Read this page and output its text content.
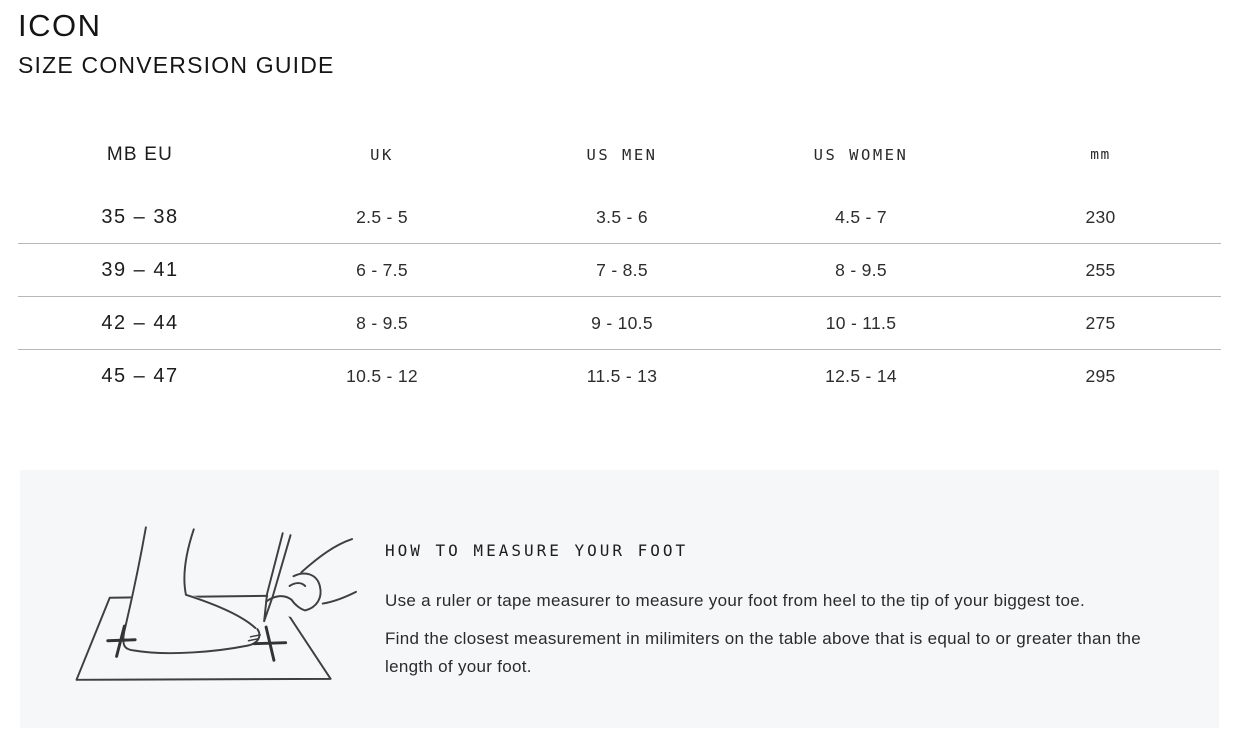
ICON
SIZE CONVERSION GUIDE
MB EU	UK	US MEN	US WOMEN	mm
35 – 38	2.5 - 5	3.5 - 6	4.5 - 7	230
39 – 41	6 - 7.5	7 - 8.5	8 - 9.5	255
42 – 44	8 - 9.5	9 - 10.5	10 - 11.5	275
45 – 47	10.5 - 12	11.5 - 13	12.5 - 14	295
HOW TO MEASURE YOUR FOOT

Use a ruler or tape measurer to measure your foot from heel to the tip of your biggest toe.

Find the closest measurement in milimiters on the table above that is equal to or greater than the length of your foot.
